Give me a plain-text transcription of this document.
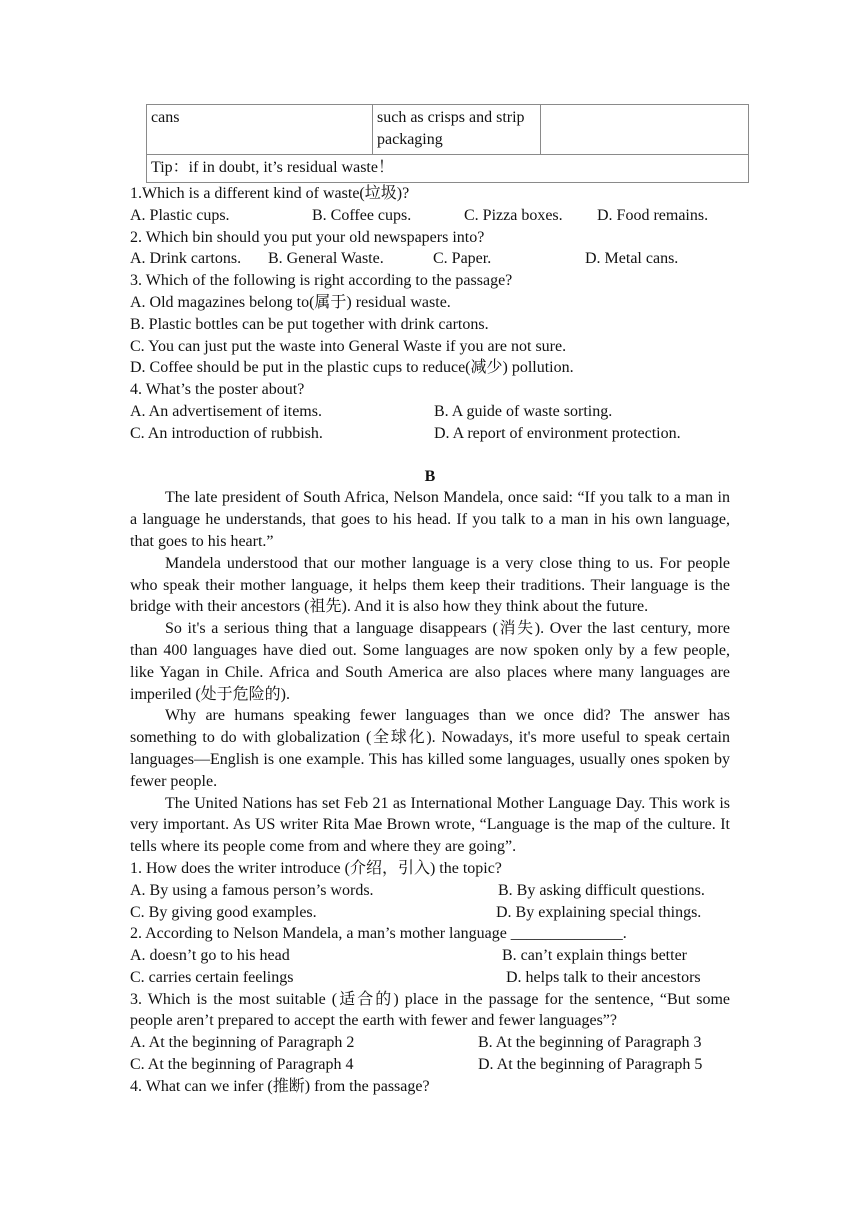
cans	such as crisps and strip packaging	
Tip：if in doubt, it’s residual waste！
1.Which is a different kind of waste(垃圾)?
A. Plastic cups.	B. Coffee cups.	C. Pizza boxes.	D. Food remains.
2. Which bin should you put your old newspapers into?
A. Drink cartons.	B. General Waste.	C. Paper.	D. Metal cans.
3. Which of the following is right according to the passage?
A. Old magazines belong to(属于) residual waste.
B. Plastic bottles can be put together with drink cartons.
C. You can just put the waste into General Waste if you are not sure.
D. Coffee should be put in the plastic cups to reduce(减少) pollution.
4. What’s the poster about?
A. An advertisement of items.	B. A guide of waste sorting.
C. An introduction of rubbish.	D. A report of environment protection.
B

The late president of South Africa, Nelson Mandela, once said: “If you talk to a man in a language he understands, that goes to his head. If you talk to a man in his own language, that goes to his heart.”

Mandela understood that our mother language is a very close thing to us. For people who speak their mother language, it helps them keep their traditions. Their language is the bridge with their ancestors (祖先). And it is also how they think about the future.

So it's a serious thing that a language disappears (消失). Over the last century, more than 400 languages have died out. Some languages are now spoken only by a few people, like Yagan in Chile. Africa and South America are also places where many languages are imperiled (处于危险的).

Why are humans speaking fewer languages than we once did? The answer has something to do with globalization (全球化). Nowadays, it's more useful to speak certain languages—English is one example. This has killed some languages, usually ones spoken by fewer people.

The United Nations has set Feb 21 as International Mother Language Day. This work is very important. As US writer Rita Mae Brown wrote, “Language is the map of the culture. It tells where its people come from and where they are going”.

1. How does the writer introduce (介绍，引入) the topic?
A. By using a famous person’s words.	B. By asking difficult questions.
C. By giving good examples.	D. By explaining special things.
2. According to Nelson Mandela, a man’s mother language ______________.
A. doesn’t go to his head	B. can’t explain things better
C. carries certain feelings	D. helps talk to their ancestors

3. Which is the most suitable (适合的) place in the passage for the sentence, “But some people aren’t prepared to accept the earth with fewer and fewer languages”?

A. At the beginning of Paragraph 2	B. At the beginning of Paragraph 3
C. At the beginning of Paragraph 4	D. At the beginning of Paragraph 5
4. What can we infer (推断) from the passage?
